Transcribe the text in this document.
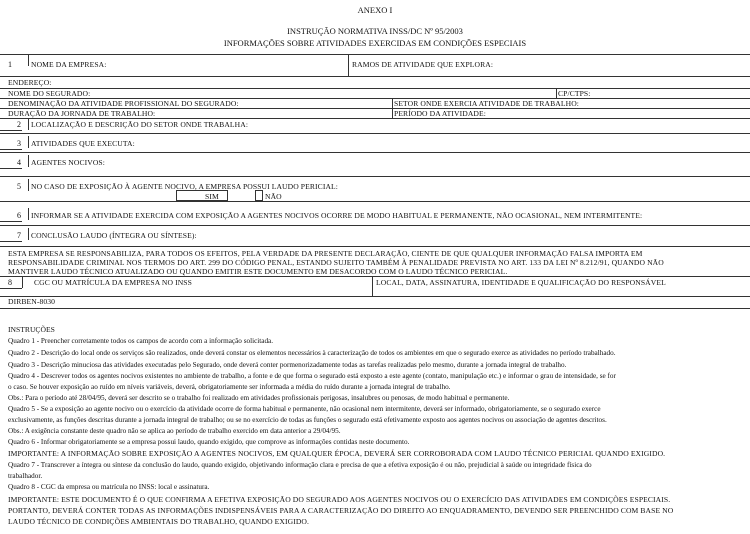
ANEXO I
INSTRUÇÃO NORMATIVA INSS/DC Nº 95/2003
INFORMAÇÕES SOBRE ATIVIDADES EXERCIDAS EM CONDIÇÕES ESPECIAIS
1	NOME DA EMPRESA:	RAMOS DE ATIVIDADE QUE EXPLORA:
ENDEREÇO:
NOME DO SEGURADO:	CP/CTPS:
DENOMINAÇÃO DA ATIVIDADE PROFISSIONAL DO SEGURADO:	SETOR ONDE EXERCIA ATIVIDADE DE TRABALHO:
DURAÇÃO DA JORNADA DE TRABALHO:	PERÍODO DA ATIVIDADE:
2 LOCALIZAÇÃO E DESCRIÇÃO DO SETOR ONDE TRABALHA:
3 ATIVIDADES QUE EXECUTA:
4 AGENTES NOCIVOS:
5 NO CASO DE EXPOSIÇÃO À AGENTE NOCIVO, A EMPRESA POSSUI LAUDO PERICIAL:
SIM	NÃO
6 INFORMAR SE A ATIVIDADE EXERCIDA COM EXPOSIÇÃO A AGENTES NOCIVOS OCORRE DE MODO HABITUAL E PERMANENTE, NÃO OCASIONAL, NEM INTERMITENTE:
7 CONCLUSÃO LAUDO (ÍNTEGRA OU SÍNTESE):
ESTA EMPRESA SE RESPONSABILIZA, PARA TODOS OS EFEITOS, PELA VERDADE DA PRESENTE DECLARAÇÃO, CIENTE DE QUE QUALQUER INFORMAÇÃO FALSA IMPORTA EM
RESPONSABILIDADE CRIMINAL NOS TERMOS DO ART. 299 DO CÓDIGO PENAL, ESTANDO SUJEITO TAMBÉM À PENALIDADE PREVISTA NO ART. 133 DA LEI Nº 8.212/91, QUANDO NÃO
MANTIVER LAUDO TÉCNICO ATUALIZADO OU QUANDO EMITIR ESTE DOCUMENTO EM DESACORDO COM O LAUDO TÉCNICO PERICIAL.
8	CGC OU MATRÍCULA DA EMPRESA NO INSS	LOCAL, DATA, ASSINATURA, IDENTIDADE E QUALIFICAÇÃO DO RESPONSÁVEL
DIRBEN-8030
INSTRUÇÕES
Quadro 1 - Preencher corretamente todos os campos de acordo com a informação solicitada.
Quadro 2 - Descrição do local onde os serviços são realizados, onde deverá constar os elementos necessários à caracterização de todos os ambientes em que o segurado exerce as atividades no período trabalhado.
Quadro 3 - Descrição minuciosa das atividades executadas pelo Segurado, onde deverá conter pormenorizadamente todas as tarefas realizadas pelo mesmo, durante a jornada integral de trabalho.
Quadro 4 - Descrever todos os agentes nocivos existentes no ambiente de trabalho, a fonte e de que forma o segurado está exposto a este agente (contato, manipulação etc.) e informar o grau de intensidade, se for
o caso. Se houver exposição ao ruído em níveis variáveis, deverá, obrigatoriamente ser informada a média do ruído durante a jornada integral de trabalho.
Obs.: Para o período até 28/04/95, deverá ser descrito se o trabalho foi realizado em atividades profissionais perigosas, insalubres ou penosas, de modo habitual e permanente.
Quadro 5 - Se a exposição ao agente nocivo ou o exercício da atividade ocorre de forma habitual e permanente, não ocasional nem intermitente, deverá ser informado, obrigatoriamente, se o segurado exerce
exclusivamente, as funções descritas durante a jornada integral de trabalho; ou se no exercício de todas as funções o segurado está efetivamente exposto aos agentes nocivos ou associação de agentes descritos.
Obs.: A exigência constante deste quadro não se aplica ao período de trabalho exercido em data anterior a 29/04/95.
Quadro 6 - Informar obrigatoriamente se a empresa possui laudo, quando exigido, que comprove as informações contidas neste documento.
IMPORTANTE: A INFORMAÇÃO SOBRE EXPOSIÇÃO A AGENTES NOCIVOS, EM QUALQUER ÉPOCA, DEVERÁ SER CORROBORADA COM LAUDO TÉCNICO PERICIAL QUANDO EXIGIDO.
Quadro 7 - Transcrever a íntegra ou síntese da conclusão do laudo, quando exigido, objetivando informação clara e precisa de que a efetiva exposição é ou não, prejudicial à saúde ou integridade física do
trabalhador.
Quadro 8 - CGC da empresa ou matrícula no INSS: local e assinatura.
IMPORTANTE: ESTE DOCUMENTO É O QUE CONFIRMA A EFETIVA EXPOSIÇÃO DO SEGURADO AOS AGENTES NOCIVOS OU O EXERCÍCIO DAS ATIVIDADES EM CONDIÇÕES ESPECIAIS.
PORTANTO, DEVERÁ CONTER TODAS AS INFORMAÇÕES INDISPENSÁVEIS PARA A CARACTERIZAÇÃO DO DIREITO AO ENQUADRAMENTO, DEVENDO SER PREENCHIDO COM BASE NO
LAUDO TÉCNICO DE CONDIÇÕES AMBIENTAIS DO TRABALHO, QUANDO EXIGIDO.
